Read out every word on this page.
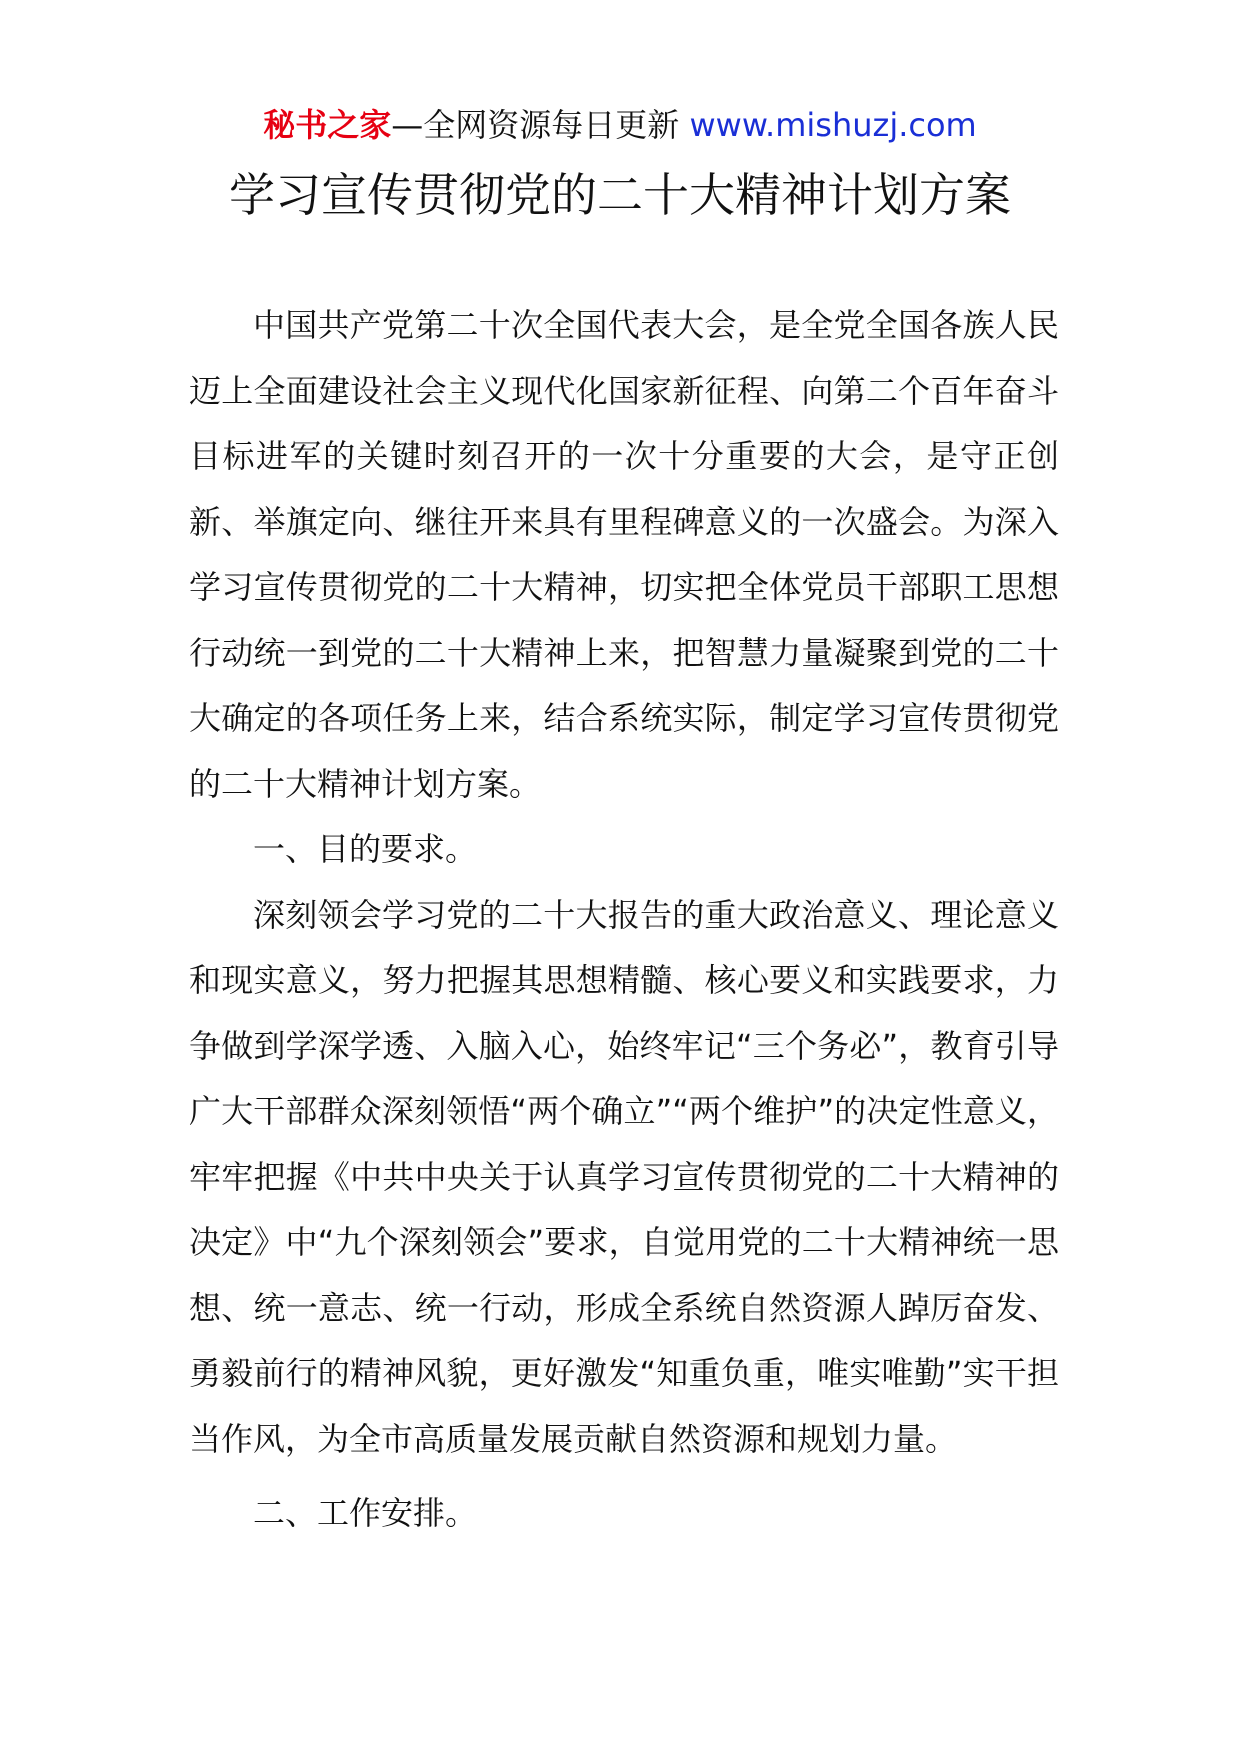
秘书之家—全网资源每日更新 www.mishuzj.com
学习宣传贯彻党的二十大精神计划方案

中国共产党第二十次全国代表大会，是全党全国各族人民迈上全面建设社会主义现代化国家新征程、向第二个百年奋斗目标进军的关键时刻召开的一次十分重要的大会，是守正创新、举旗定向、继往开来具有里程碑意义的一次盛会。为深入学习宣传贯彻党的二十大精神，切实把全体党员干部职工思想行动统一到党的二十大精神上来，把智慧力量凝聚到党的二十大确定的各项任务上来，结合系统实际，制定学习宣传贯彻党的二十大精神计划方案。

一、目的要求。

深刻领会学习党的二十大报告的重大政治意义、理论意义和现实意义，努力把握其思想精髓、核心要义和实践要求，力争做到学深学透、入脑入心，始终牢记“三个务必”，教育引导广大干部群众深刻领悟“两个确立”“两个维护”的决定性意义，牢牢把握《中共中央关于认真学习宣传贯彻党的二十大精神的决定》中“九个深刻领会”要求，自觉用党的二十大精神统一思想、统一意志、统一行动，形成全系统自然资源人踔厉奋发、勇毅前行的精神风貌，更好激发“知重负重，唯实唯勤”实干担当作风，为全市高质量发展贡献自然资源和规划力量。

二、工作安排。
